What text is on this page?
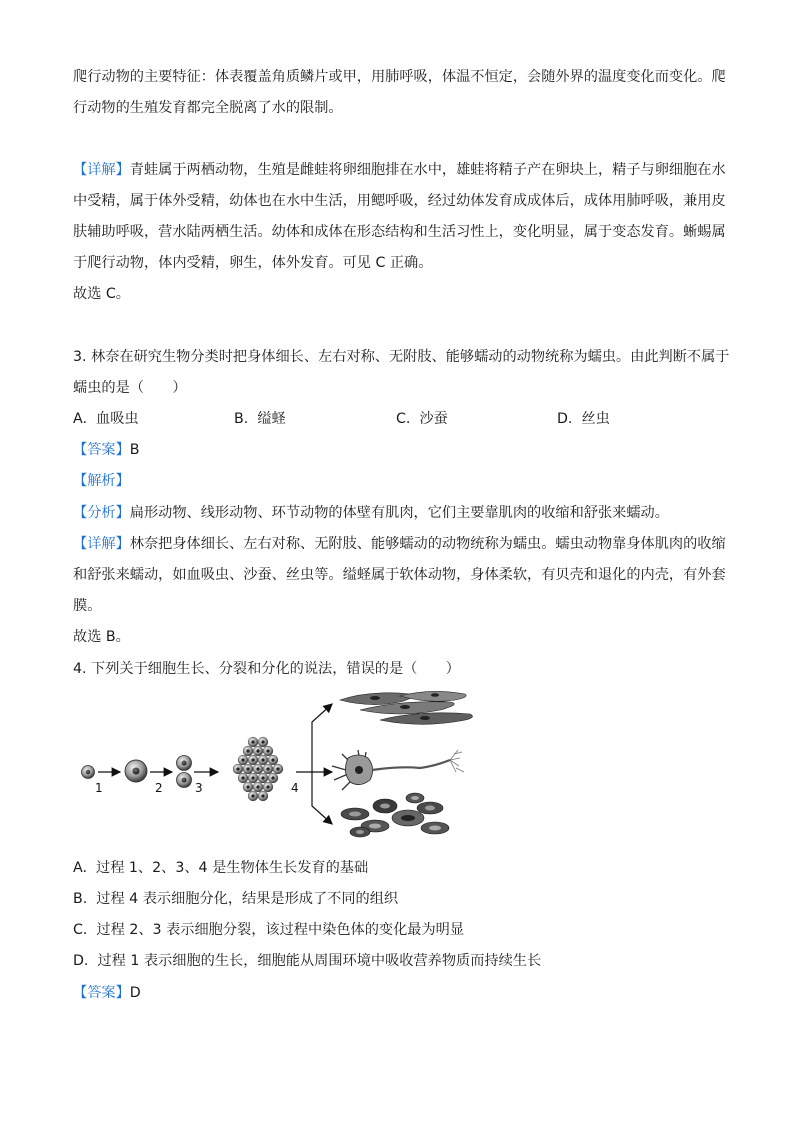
爬行动物的主要特征：体表覆盖角质鳞片或甲，用肺呼吸，体温不恒定，会随外界的温度变化而变化。爬
行动物的生殖发育都完全脱离了水的限制。
【详解】青蛙属于两栖动物，生殖是雌蛙将卵细胞排在水中，雄蛙将精子产在卵块上，精子与卵细胞在水
中受精，属于体外受精，幼体也在水中生活，用鳃呼吸，经过幼体发育成成体后，成体用肺呼吸，兼用皮
肤辅助呼吸，营水陆两栖生活。幼体和成体在形态结构和生活习性上，变化明显，属于变态发育。蜥蜴属
于爬行动物，体内受精，卵生，体外发育。可见 C 正确。
故选 C。
3. 林奈在研究生物分类时把身体细长、左右对称、无附肢、能够蠕动的动物统称为蠕虫。由此判断不属于
蠕虫的是（　　）
A. 血吸虫	B. 缢蛏	C. 沙蚕	D. 丝虫
【答案】B
【解析】
【分析】扁形动物、线形动物、环节动物的体壁有肌肉，它们主要靠肌肉的收缩和舒张来蠕动。
【详解】林奈把身体细长、左右对称、无附肢、能够蠕动的动物统称为蠕虫。蠕虫动物靠身体肌肉的收缩
和舒张来蠕动，如血吸虫、沙蚕、丝虫等。缢蛏属于软体动物，身体柔软，有贝壳和退化的内壳，有外套
膜。
故选 B。
4. 下列关于细胞生长、分裂和分化的说法，错误的是（　　）
1	2	3	4
A. 过程 1、2、3、4 是生物体生长发育的基础
B. 过程 4 表示细胞分化，结果是形成了不同的组织
C. 过程 2、3 表示细胞分裂，该过程中染色体的变化最为明显
D. 过程 1 表示细胞的生长，细胞能从周围环境中吸收营养物质而持续生长
【答案】D
